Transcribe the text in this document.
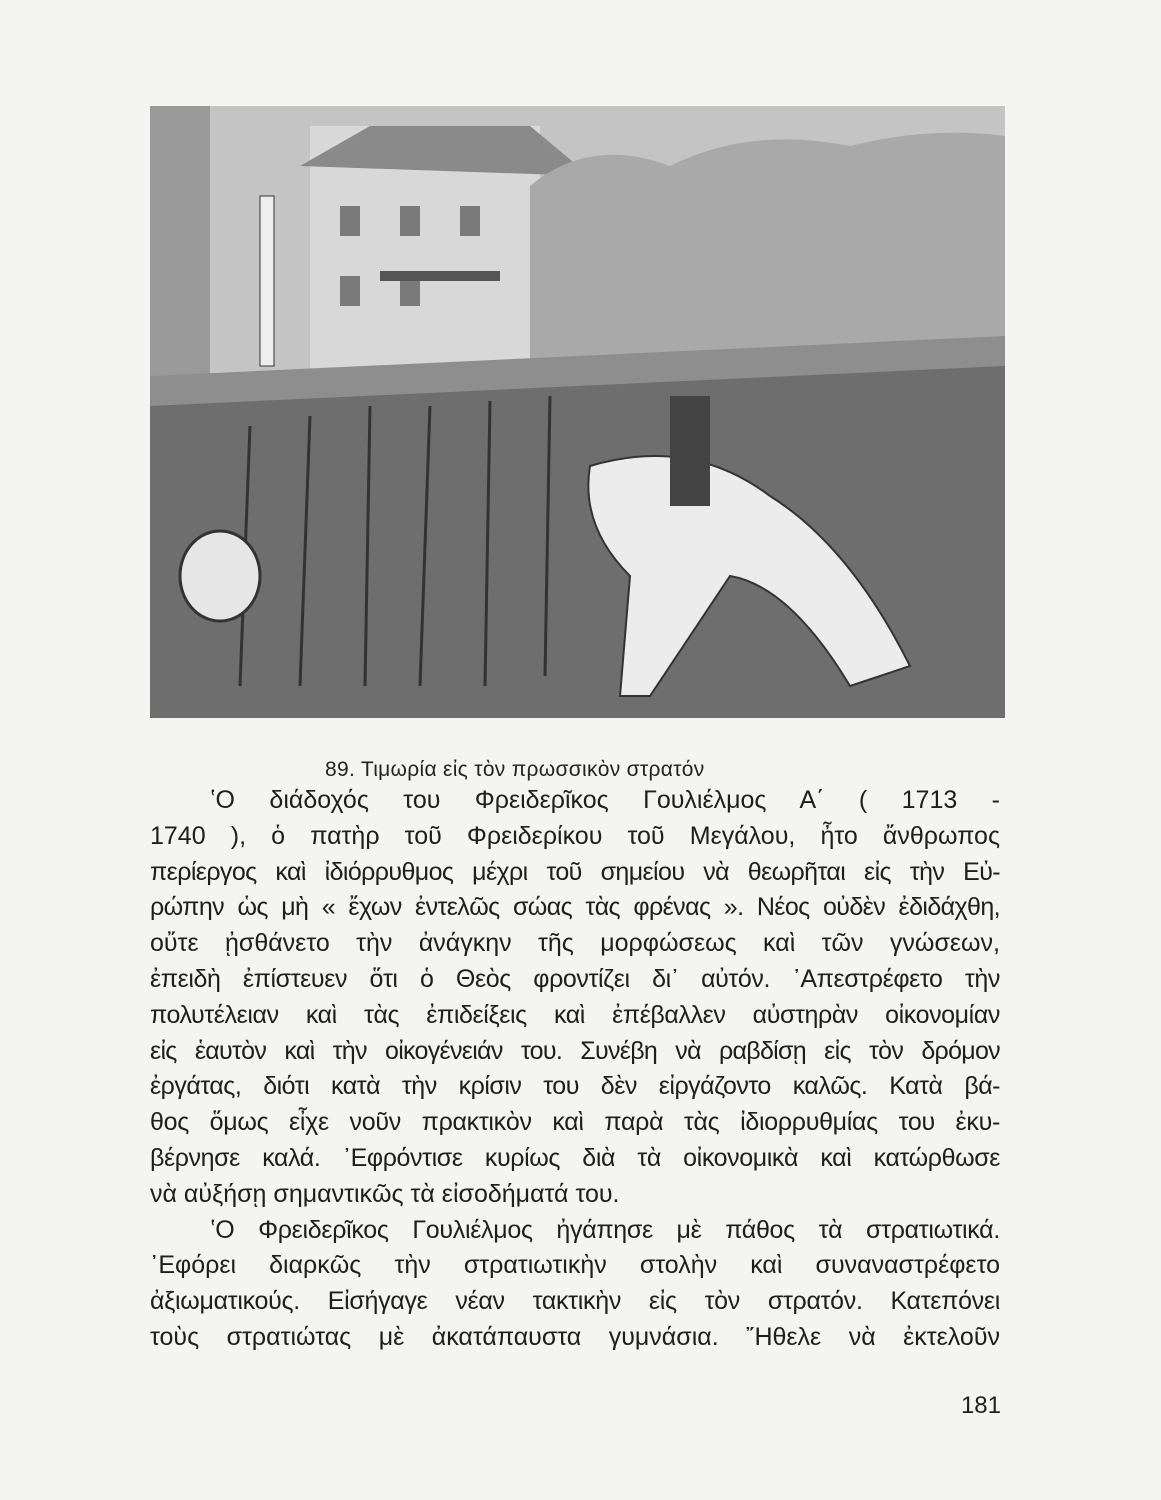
89. Τιμωρία εἰς τὸν πρωσσικὸν στρατόν
ʽΟ διάδοχός του Φρειδερῖκος Γουλιέλμος Α΄ ( 1713 -
1740 ), ὁ πατὴρ τοῦ Φρειδερίκου τοῦ Μεγάλου, ἦτο ἄνθρωπος
περίεργος καὶ ἰδιόρρυθμος μέχρι τοῦ σημείου νὰ θεωρῆται εἰς τὴν Εὐ-
ρώπην ὡς μὴ « ἔχων ἐντελῶς σώας τὰς φρένας ». Νέος οὐδὲν ἐδιδάχθη,
οὔτε ᾐσθάνετο τὴν ἀνάγκην τῆς μορφώσεως καὶ τῶν γνώσεων,
ἐπειδὴ ἐπίστευεν ὅτι ὁ Θεὸς φροντίζει δι᾽ αὐτόν. ᾿Απεστρέφετο τὴν
πολυτέλειαν καὶ τὰς ἐπιδείξεις καὶ ἐπέβαλλεν αὐστηρὰν οἰκονομίαν
εἰς ἑαυτὸν καὶ τὴν οἰκογένειάν του. Συνέβη νὰ ραβδίσῃ εἰς τὸν δρόμον
ἐργάτας, διότι κατὰ τὴν κρίσιν του δὲν εἰργάζοντο καλῶς. Κατὰ βά-
θος ὅμως εἶχε νοῦν πρακτικὸν καὶ παρὰ τὰς ἰδιορρυθμίας του ἐκυ-
βέρνησε καλά. ᾿Εφρόντισε κυρίως διὰ τὰ οἰκονομικὰ καὶ κατώρθωσε
νὰ αὐξήσῃ σημαντικῶς τὰ εἰσοδήματά του.
ʽΟ Φρειδερῖκος Γουλιέλμος ἠγάπησε μὲ πάθος τὰ στρατιωτικά.
᾿Εφόρει διαρκῶς τὴν στρατιωτικὴν στολὴν καὶ συναναστρέφετο
ἀξιωματικούς. Εἰσήγαγε νέαν τακτικὴν εἰς τὸν στρατόν. Κατεπόνει
τοὺς στρατιώτας μὲ ἀκατάπαυστα γυμνάσια. ῎Ηθελε νὰ ἐκτελοῦν
181
